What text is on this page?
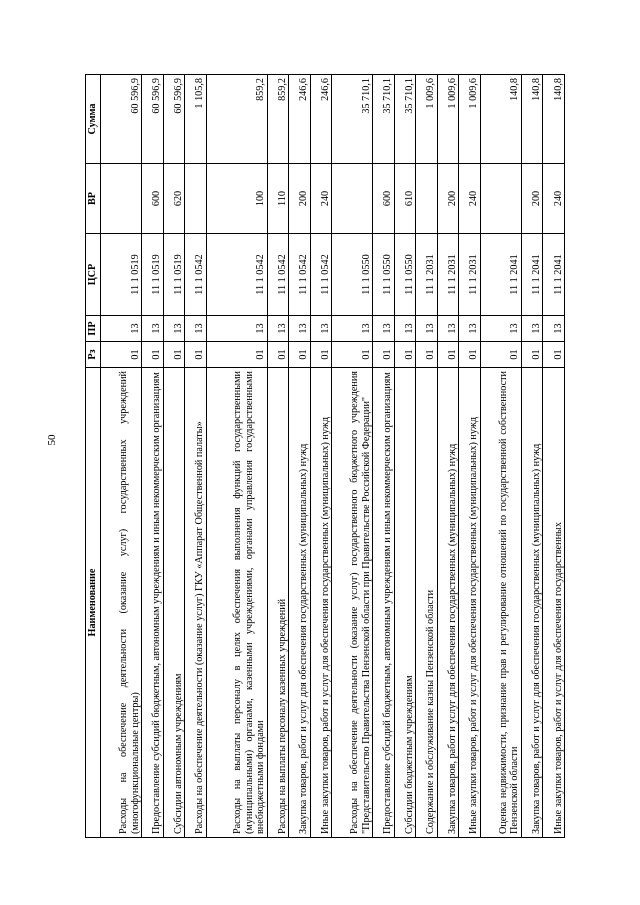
50
Наименование	Рз	ПР	ЦСР	ВР	Сумма
Расходы на обеспечение деятельности (оказание услуг) государственных учреждений (многофункциональные центры)	01	13	11 1 0519		60 596,9
Предоставление субсидий бюджетным, автономным учреждениям и иным некоммерческим организациям	01	13	11 1 0519	600	60 596,9
Субсидии автономным учреждениям	01	13	11 1 0519	620	60 596,9
Расходы на обеспечение деятельности (оказание услуг) ГКУ «Аппарат Общественной палаты»	01	13	11 1 0542		1 105,8
Расходы на выплаты персоналу в целях обеспечения выполнения функций государственными (муниципальными) органами, казенными учреждениями, органами управления государственными внебюджетными фондами	01	13	11 1 0542	100	859,2
Расходы на выплаты персоналу казенных учреждений	01	13	11 1 0542	110	859,2
Закупка товаров, работ и услуг для обеспечения государственных (муниципальных) нужд	01	13	11 1 0542	200	246,6
Иные закупки товаров, работ и услуг для обеспечения государственных (муниципальных) нужд	01	13	11 1 0542	240	246,6
Расходы на обеспечение деятельности (оказание услуг) государственного бюджетного учреждения "Представительство Правительства Пензенской области при Правительстве Российской Федерации"	01	13	11 1 0550		35 710,1
Предоставление субсидий бюджетным, автономным учреждениям и иным некоммерческим организациям	01	13	11 1 0550	600	35 710,1
Субсидии бюджетным учреждениям	01	13	11 1 0550	610	35 710,1
Содержание и обслуживание казны Пензенской области	01	13	11 1 2031		1 009,6
Закупка товаров, работ и услуг для обеспечения государственных (муниципальных) нужд	01	13	11 1 2031	200	1 009,6
Иные закупки товаров, работ и услуг для обеспечения государственных (муниципальных) нужд	01	13	11 1 2031	240	1 009,6
Оценка недвижимости, признание прав и регулирование отношений по государственной собственности Пензенской области	01	13	11 1 2041		140,8
Закупка товаров, работ и услуг для обеспечения государственных (муниципальных) нужд	01	13	11 1 2041	200	140,8
Иные закупки товаров, работ и услуг для обеспечения государственных	01	13	11 1 2041	240	140,8
